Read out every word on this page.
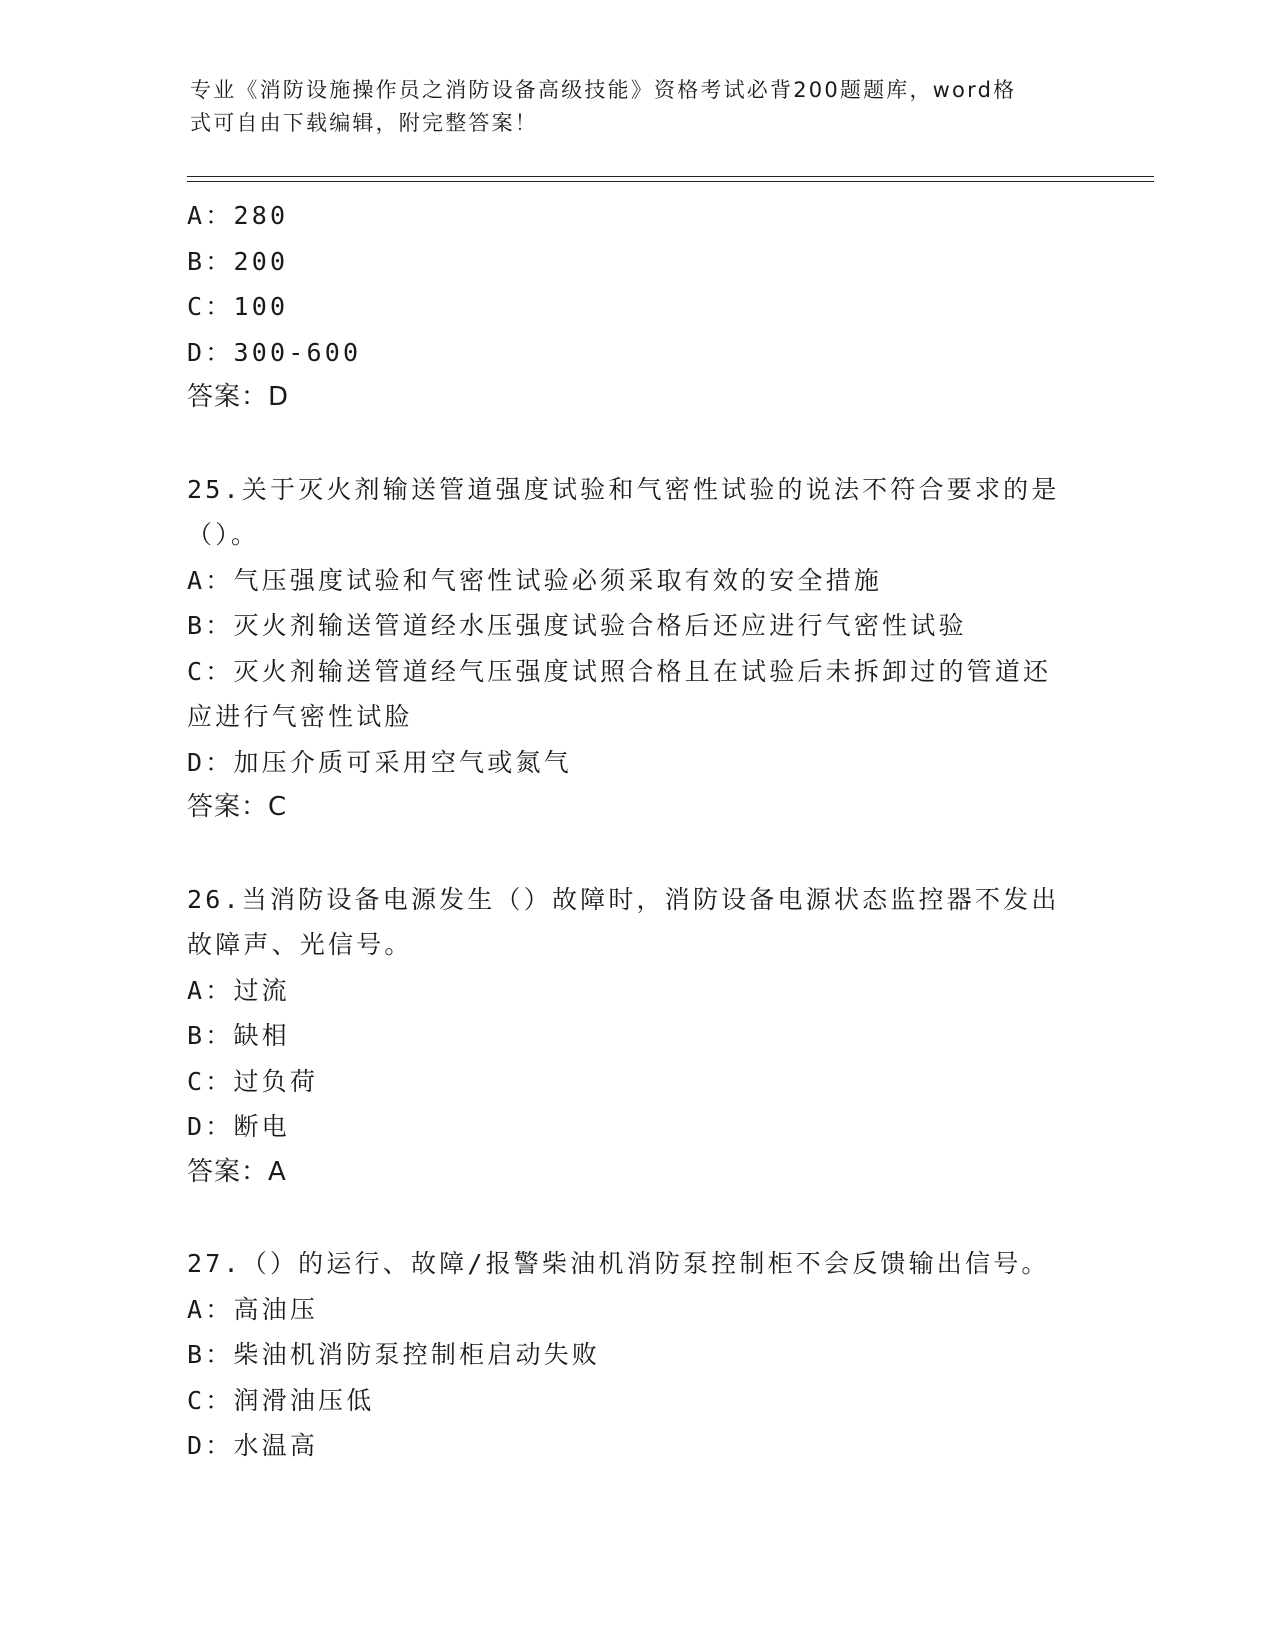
专业《消防设施操作员之消防设备高级技能》资格考试必背200题题库，word格
式可自由下载编辑，附完整答案！
A：280
B：200
C：100
D：300-600
答案：D
25.关于灭火剂输送管道强度试验和气密性试验的说法不符合要求的是
（）。
A：气压强度试验和气密性试验必须采取有效的安全措施
B：灭火剂输送管道经水压强度试验合格后还应进行气密性试验
C：灭火剂输送管道经气压强度试照合格且在试验后未拆卸过的管道还
应进行气密性试脸
D：加压介质可采用空气或氮气
答案：C
26.当消防设备电源发生（）故障时，消防设备电源状态监控器不发出
故障声、光信号。
A：过流
B：缺相
C：过负荷
D：断电
答案：A
27.（）的运行、故障/报警柴油机消防泵控制柜不会反馈输出信号。
A：高油压
B：柴油机消防泵控制柜启动失败
C：润滑油压低
D：水温高
